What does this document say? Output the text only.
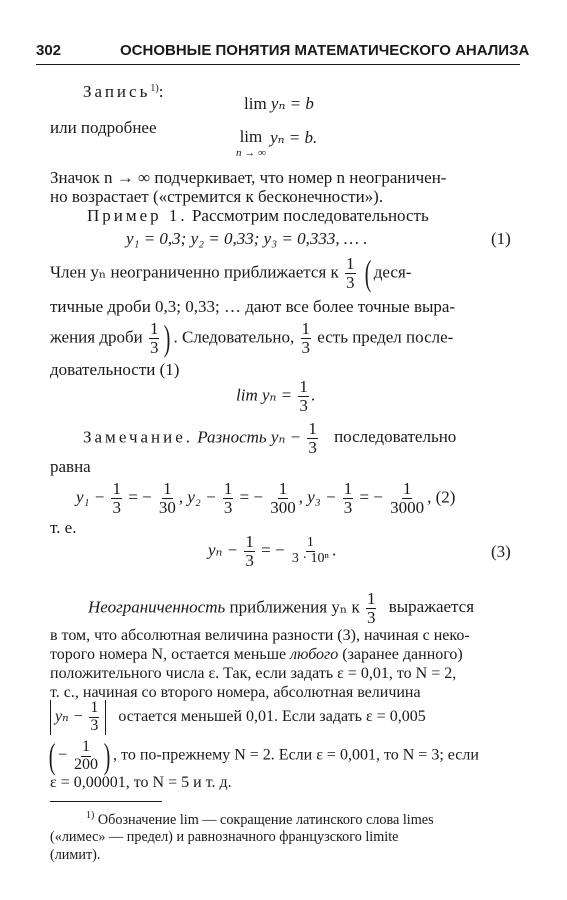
302	ОСНОВНЫЕ ПОНЯТИЯ МАТЕМАТИЧЕСКОГО АНАЛИЗА
Запись$^{1)}$:
lim yₙ = b
или подробнее	lim
n → ∞
yₙ = b.
Значок n → ∞ подчеркивает, что номер n неограничен-
но возрастает («стремится к бесконечности»).
Пример 1. Рассмотрим последовательность
y₁ = 0,3; y₂ = 0,33; y₃ = 0,333, … .	(1)
Член yₙ неограниченно приближается к $\frac{1}{3}$ ( деся-
тичные дроби 0,3; 0,33; … дают все более точные выра-
жения дроби $\frac{1}{3}$ ) . Следовательно, $\frac{1}{3}$ есть предел после-
довательности (1)
$\lim y_n = \frac{1}{3}$ .
Замечание. Разность $y_n - \frac{1}{3}$ последовательно
равна
$y_1 - \frac{1}{3}$ = − $\frac{1}{30}$ , $y_2 - \frac{1}{3}$ = − $\frac{1}{300}$ , $y_3 - \frac{1}{3}$ = − $\frac{1}{3000}$ , (2)
т. е.
$y_n - \frac{1}{3}$ = − $\frac{1}{\text{3 · 10ⁿ}}$ .	(3)
Неограниченность приближения yₙ к $\frac{1}{3}$ выражается
в том, что абсолютная величина разности (3), начиная с неко-
торого номера N, остается меньше любого (заранее данного)
положительного числа ε. Так, если задать ε = 0,01, то N = 2,
т. с., начиная со второго номера, абсолютная величина
$y_n - \frac{1}{3}$ остается меньшей 0,01. Если задать ε = 0,005
( − $\frac{1}{200}$ ) , то по-прежнему N = 2. Если ε = 0,001, то N = 3; если
ε = 0,00001, то N = 5 и т. д.
$^{1)}$ Обозначение lim — сокращение латинского слова limes
(«лимес» — предел) и равнозначного французского limite
(лимит).
